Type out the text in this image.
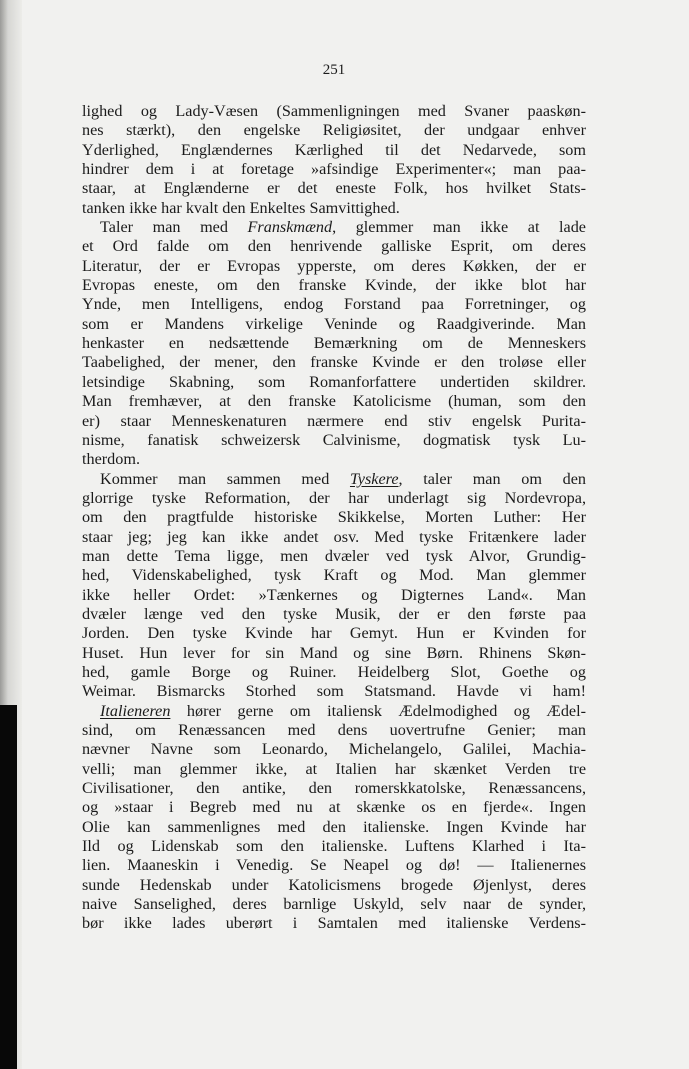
251
lighed og Lady-Væsen (Sammenligningen med Svaner paaskøn-
nes stærkt), den engelske Religiøsitet, der undgaar enhver
Yderlighed, Englændernes Kærlighed til det Nedarvede, som
hindrer dem i at foretage »afsindige Experimenter«; man paa-
staar, at Englænderne er det eneste Folk, hos hvilket Stats-
tanken ikke har kvalt den Enkeltes Samvittighed.
Taler man med Franskmænd, glemmer man ikke at lade
et Ord falde om den henrivende galliske Esprit, om deres
Literatur, der er Evropas ypperste, om deres Køkken, der er
Evropas eneste, om den franske Kvinde, der ikke blot har
Ynde, men Intelligens, endog Forstand paa Forretninger, og
som er Mandens virkelige Veninde og Raadgiverinde. Man
henkaster en nedsættende Bemærkning om de Menneskers
Taabelighed, der mener, den franske Kvinde er den troløse eller
letsindige Skabning, som Romanforfattere undertiden skildrer.
Man fremhæver, at den franske Katolicisme (human, som den
er) staar Menneskenaturen nærmere end stiv engelsk Purita-
nisme, fanatisk schweizersk Calvinisme, dogmatisk tysk Lu-
therdom.
Kommer man sammen med Tyskere, taler man om den
glorrige tyske Reformation, der har underlagt sig Nordevropa,
om den pragtfulde historiske Skikkelse, Morten Luther: Her
staar jeg; jeg kan ikke andet osv. Med tyske Fritænkere lader
man dette Tema ligge, men dvæler ved tysk Alvor, Grundig-
hed, Videnskabelighed, tysk Kraft og Mod. Man glemmer
ikke heller Ordet: »Tænkernes og Digternes Land«. Man
dvæler længe ved den tyske Musik, der er den første paa
Jorden. Den tyske Kvinde har Gemyt. Hun er Kvinden for
Huset. Hun lever for sin Mand og sine Børn. Rhinens Skøn-
hed, gamle Borge og Ruiner. Heidelberg Slot, Goethe og
Weimar. Bismarcks Storhed som Statsmand. Havde vi ham!
Italieneren hører gerne om italiensk Ædelmodighed og Ædel-
sind, om Renæssancen med dens uovertrufne Genier; man
nævner Navne som Leonardo, Michelangelo, Galilei, Machia-
velli; man glemmer ikke, at Italien har skænket Verden tre
Civilisationer, den antike, den romerskkatolske, Renæssancens,
og »staar i Begreb med nu at skænke os en fjerde«. Ingen
Olie kan sammenlignes med den italienske. Ingen Kvinde har
Ild og Lidenskab som den italienske. Luftens Klarhed i Ita-
lien. Maaneskin i Venedig. Se Neapel og dø! — Italienernes
sunde Hedenskab under Katolicismens brogede Øjenlyst, deres
naive Sanselighed, deres barnlige Uskyld, selv naar de synder,
bør ikke lades uberørt i Samtalen med italienske Verdens-
